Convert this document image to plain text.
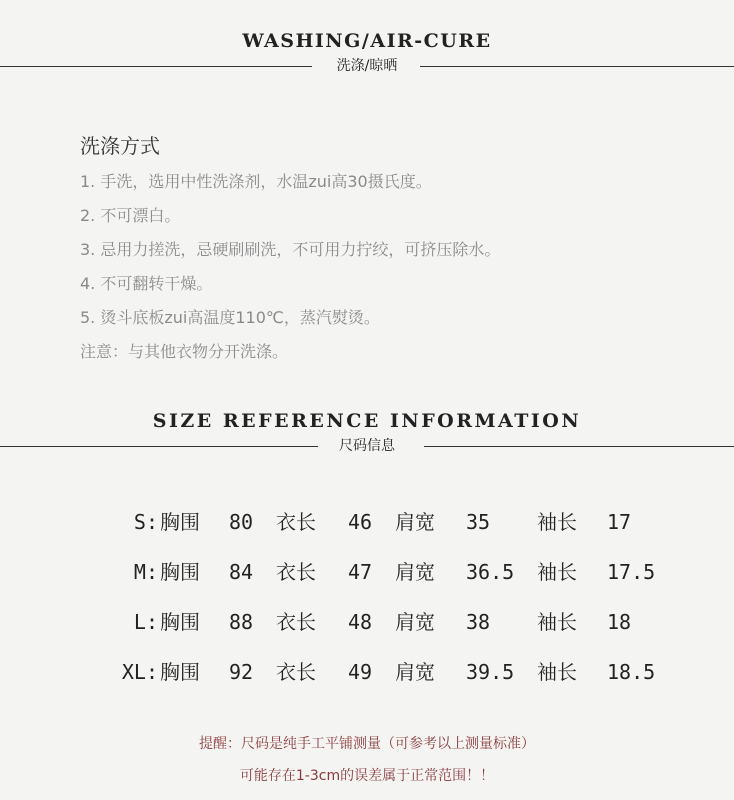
WASHING/AIR-CURE
洗涤/晾晒
洗涤方式
1. 手洗，选用中性洗涤剂，水温zui高30摄氏度。
2. 不可漂白。
3. 忌用力搓洗，忌硬刷刷洗，不可用力拧绞，可挤压除水。
4. 不可翻转干燥。
5. 烫斗底板zui高温度110℃，蒸汽熨烫。
注意：与其他衣物分开洗涤。
SIZE REFERENCE INFORMATION
尺码信息
S: 胸围 80 衣长 46 肩宽 35 袖长 17
M: 胸围 84 衣长 47 肩宽 36.5 袖长 17.5
L: 胸围 88 衣长 48 肩宽 38 袖长 18
XL: 胸围 92 衣长 49 肩宽 39.5 袖长 18.5
提醒：尺码是纯手工平铺测量（可参考以上测量标准）
可能存在1-3cm的误差属于正常范围！！
